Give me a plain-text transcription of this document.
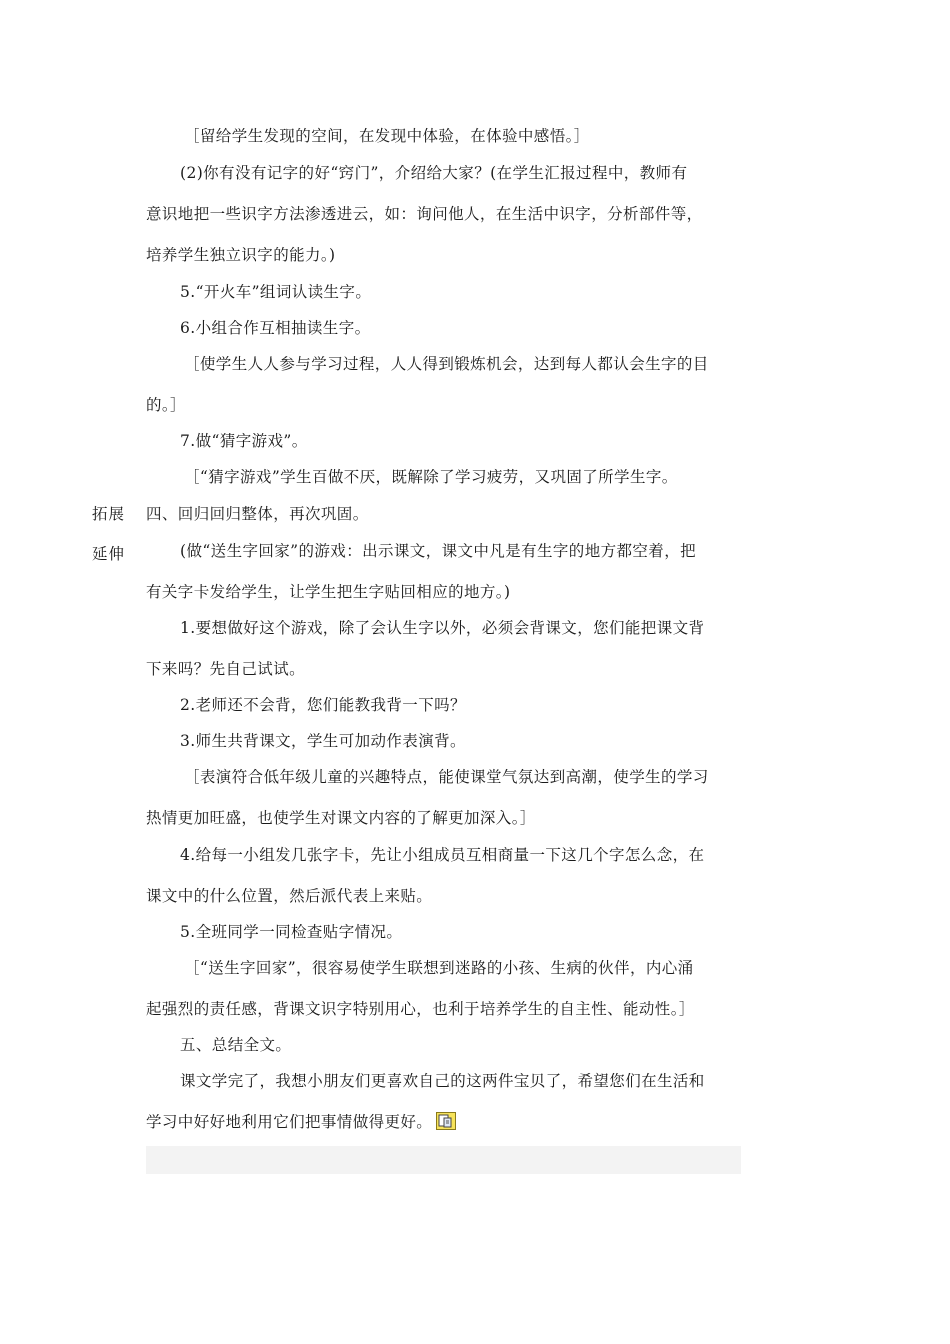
拓展
延伸
［留给学生发现的空间，在发现中体验，在体验中感悟。］
(2)你有没有记字的好“窍门”，介绍给大家？(在学生汇报过程中，教师有
意识地把一些识字方法渗透进云，如：询问他人，在生活中识字，分析部件等，
培养学生独立识字的能力。)
5.“开火车”组词认读生字。
6.小组合作互相抽读生字。
［使学生人人参与学习过程，人人得到锻炼机会，达到每人都认会生字的目
的。］
7.做“猜字游戏”。
［“猜字游戏”学生百做不厌，既解除了学习疲劳，又巩固了所学生字。
四、回归回归整体，再次巩固。
(做“送生字回家”的游戏：出示课文，课文中凡是有生字的地方都空着，把
有关字卡发给学生，让学生把生字贴回相应的地方。)
1.要想做好这个游戏，除了会认生字以外，必须会背课文，您们能把课文背
下来吗？先自己试试。
2.老师还不会背，您们能教我背一下吗？
3.师生共背课文，学生可加动作表演背。
［表演符合低年级儿童的兴趣特点，能使课堂气氛达到高潮，使学生的学习
热情更加旺盛，也使学生对课文内容的了解更加深入。］
4.给每一小组发几张字卡，先让小组成员互相商量一下这几个字怎么念，在
课文中的什么位置，然后派代表上来贴。
5.全班同学一同检查贴字情况。
［“送生字回家”，很容易使学生联想到迷路的小孩、生病的伙伴，内心涌
起强烈的责任感，背课文识字特别用心，也利于培养学生的自主性、能动性。］
五、总结全文。
课文学完了，我想小朋友们更喜欢自己的这两件宝贝了，希望您们在生活和
学习中好好地利用它们把事情做得更好。
